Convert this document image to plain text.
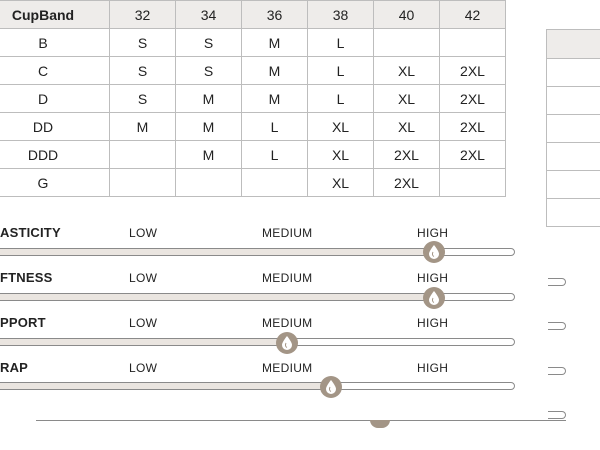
CupBand	32	34	36	38	40	42
B	S	S	M	L		
C	S	S	M	L	XL	2XL
D	S	M	M	L	XL	2XL
DD	M	M	L	XL	XL	2XL
DDD		M	L	XL	2XL	2XL
G				XL	2XL	
ASTICITY	LOW	MEDIUM	HIGH
FTNESS	LOW	MEDIUM	HIGH
PPORT	LOW	MEDIUM	HIGH
RAP	LOW	MEDIUM	HIGH
